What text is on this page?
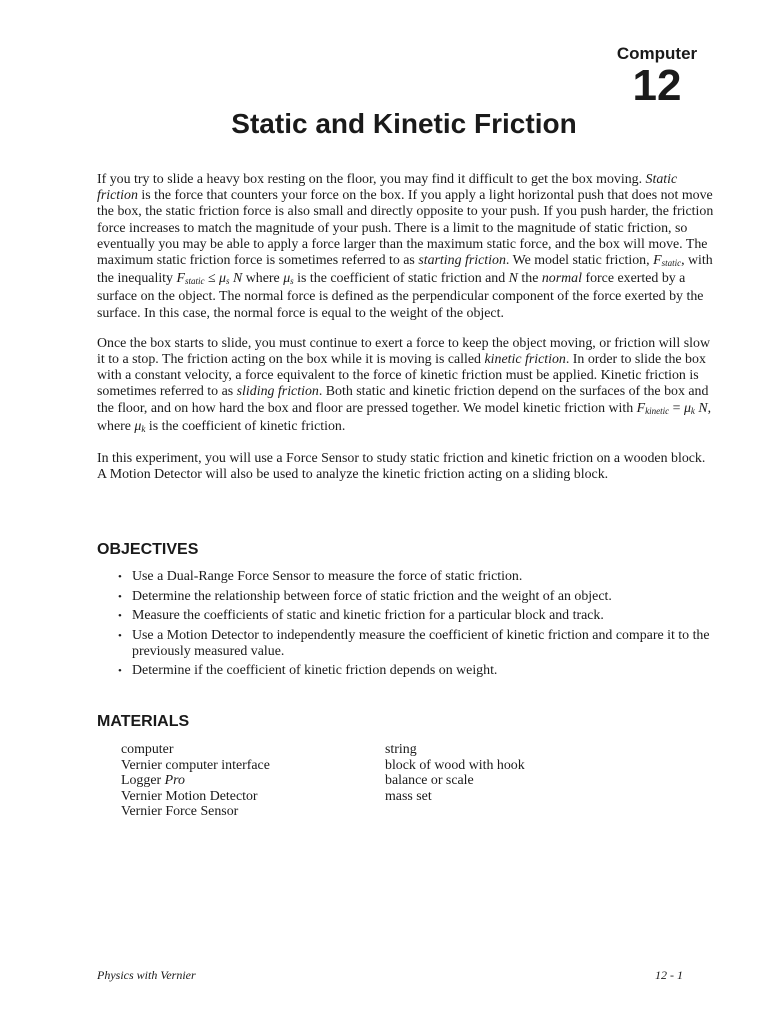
Computer
12
Static and Kinetic Friction

If you try to slide a heavy box resting on the floor, you may find it difficult to get the box moving. Static friction is the force that counters your force on the box. If you apply a light horizontal push that does not move the box, the static friction force is also small and directly opposite to your push. If you push harder, the friction force increases to match the magnitude of your push. There is a limit to the magnitude of static friction, so eventually you may be able to apply a force larger than the maximum static force, and the box will move. The maximum static friction force is sometimes referred to as starting friction. We model static friction, $F_{static}$, with the inequality $F_{static} \le \mu_s$ N where $\mu_s$ is the coefficient of static friction and N the normal force exerted by a surface on the object. The normal force is defined as the perpendicular component of the force exerted by the surface. In this case, the normal force is equal to the weight of the object.

Once the box starts to slide, you must continue to exert a force to keep the object moving, or friction will slow it to a stop. The friction acting on the box while it is moving is called kinetic friction. In order to slide the box with a constant velocity, a force equivalent to the force of kinetic friction must be applied. Kinetic friction is sometimes referred to as sliding friction. Both static and kinetic friction depend on the surfaces of the box and the floor, and on how hard the box and floor are pressed together. We model kinetic friction with $F_{kinetic} = \mu_k$ N, where $\mu_k$ is the coefficient of kinetic friction.

In this experiment, you will use a Force Sensor to study static friction and kinetic friction on a wooden block. A Motion Detector will also be used to analyze the kinetic friction acting on a sliding block.

OBJECTIVES
• Use a Dual-Range Force Sensor to measure the force of static friction.
• Determine the relationship between force of static friction and the weight of an object.
• Measure the coefficients of static and kinetic friction for a particular block and track.
• Use a Motion Detector to independently measure the coefficient of kinetic friction and compare it to the previously measured value.
• Determine if the coefficient of kinetic friction depends on weight.
MATERIALS
computer
Vernier computer interface
Logger Pro
Vernier Motion Detector
Vernier Force Sensor
string
block of wood with hook
balance or scale
mass set
Physics with Vernier	12 - 1
